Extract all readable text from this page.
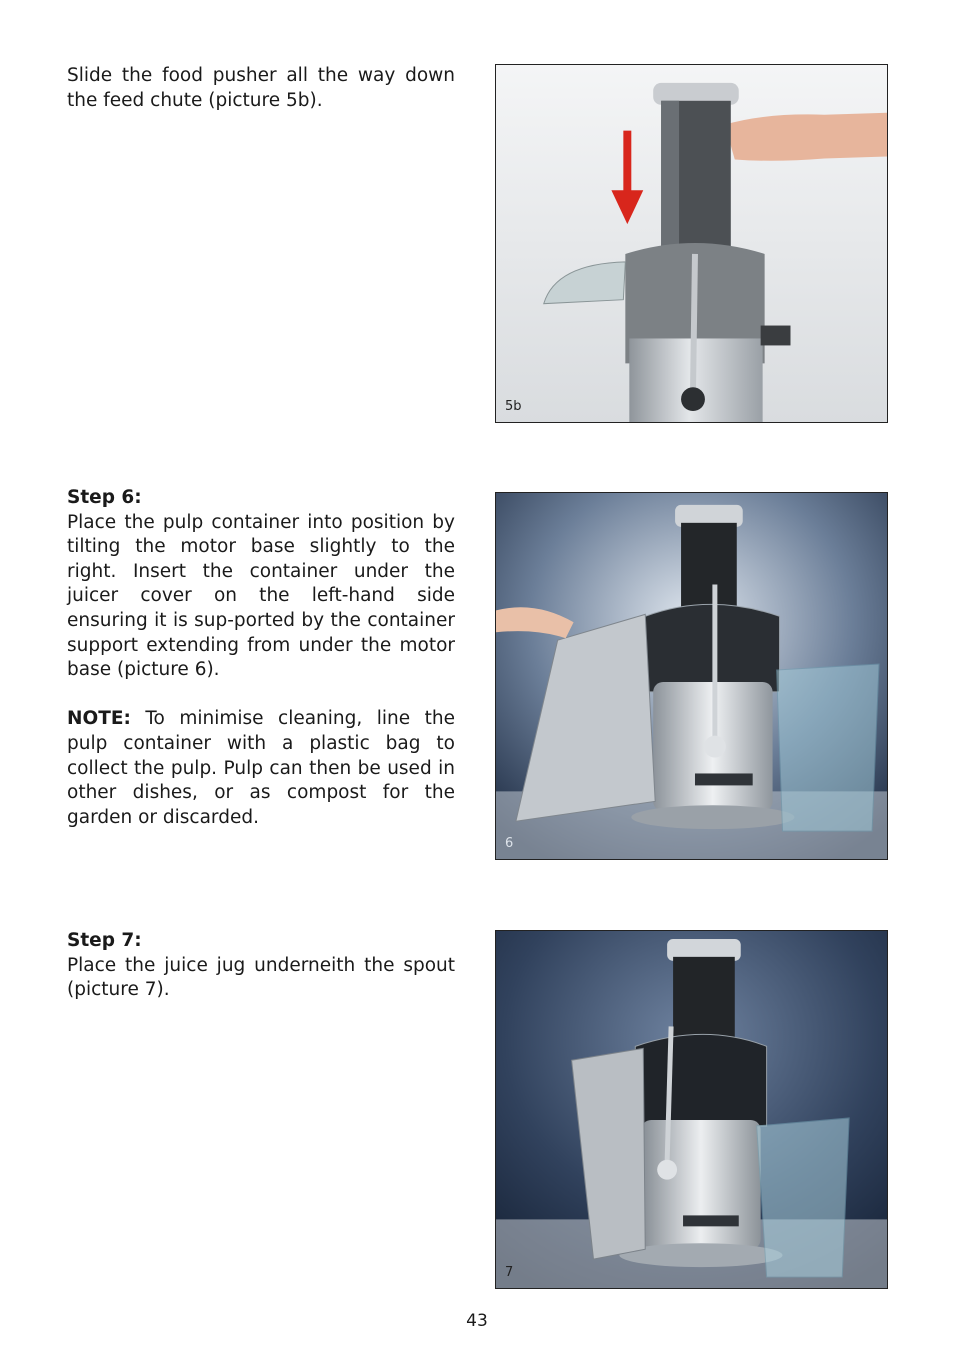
Slide the food pusher all the way down the feed chute (picture 5b).

5b
Step 6:

Place the pulp container into position by tilting the motor base slightly to the right. Insert the container under the juicer cover on the left-hand side ensuring it is sup-ported by the container support extending from under the motor base (picture 6).

NOTE: To minimise cleaning, line the pulp container with a plastic bag to collect the pulp. Pulp can then be used in other dishes, or as compost for the garden or discarded.

6
Step 7:

Place the juice jug underneith the spout (picture 7).

7
43
